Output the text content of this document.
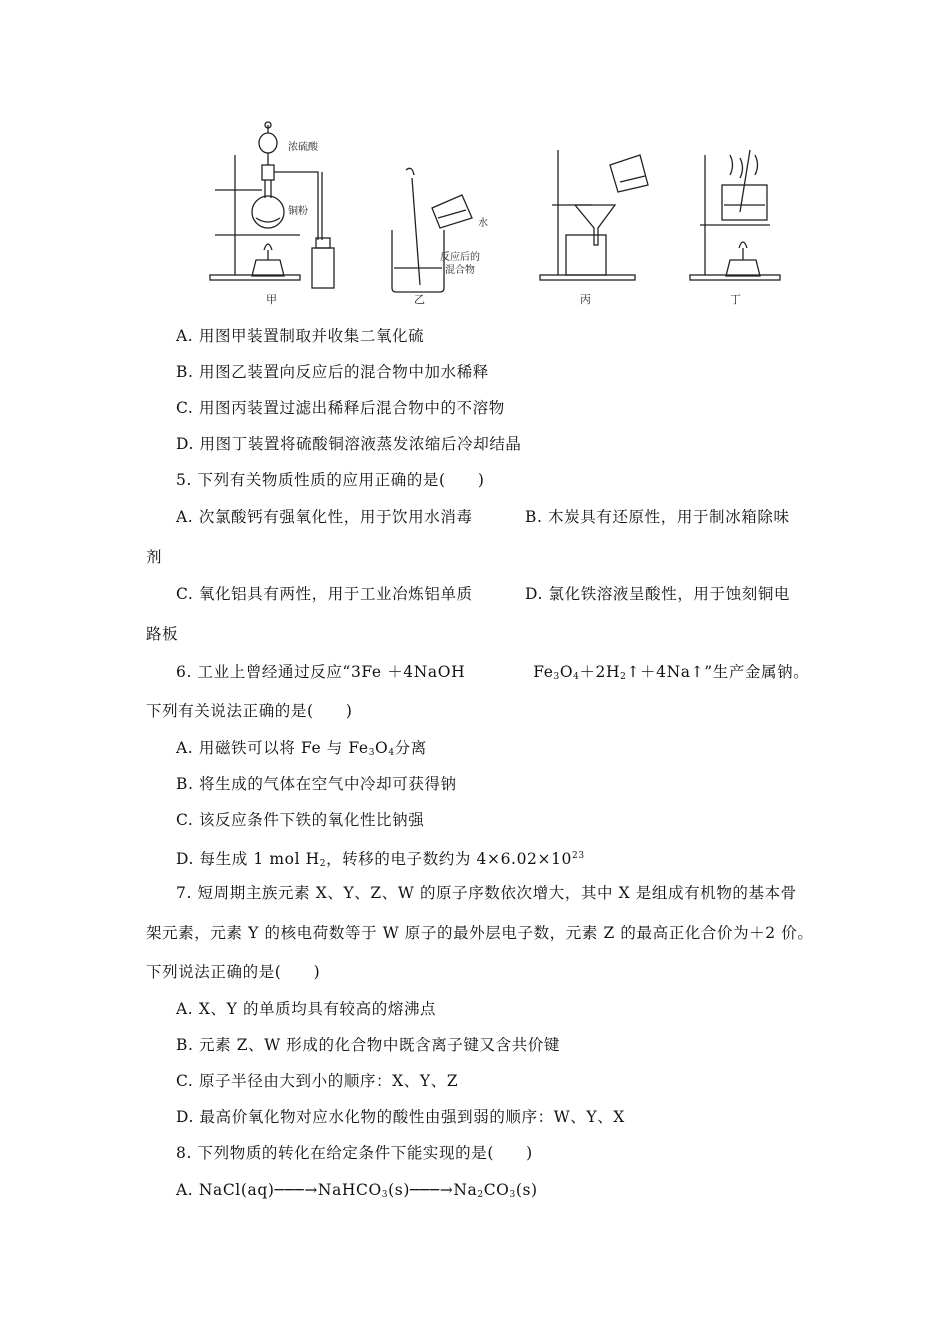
浓硫酸
铜粉
水
反应后的
混合物
甲	乙	丙	丁
A. 用图甲装置制取并收集二氧化硫
B. 用图乙装置向反应后的混合物中加水稀释
C. 用图丙装置过滤出稀释后混合物中的不溶物
D. 用图丁装置将硫酸铜溶液蒸发浓缩后冷却结晶
5. 下列有关物质性质的应用正确的是(　　)
A. 次氯酸钙有强氧化性，用于饮用水消毒	B. 木炭具有还原性，用于制冰箱除味
剂
C. 氧化铝具有两性，用于工业冶炼铝单质	D. 氯化铁溶液呈酸性，用于蚀刻铜电
路板
6. 工业上曾经通过反应“3Fe ＋4NaOH	$Fe_3O_4+2H_2↑+4Na↑$”生产金属钠。
下列有关说法正确的是(　　)
A. 用磁铁可以将 Fe 与 $Fe_3O_4$分离
B. 将生成的气体在空气中冷却可获得钠
C. 该反应条件下铁的氧化性比钠强
D. 每生成 1 mol $H_2$，转移的电子数约为 $4\times 6.02\times 10^{23}$
7. 短周期主族元素 X、Y、Z、W 的原子序数依次增大，其中 X 是组成有机物的基本骨
架元素，元素 Y 的核电荷数等于 W 原子的最外层电子数，元素 Z 的最高正化合价为＋2 价。
下列说法正确的是(　　)
A. X、Y 的单质均具有较高的熔沸点
B. 元素 Z、W 形成的化合物中既含离子键又含共价键
C. 原子半径由大到小的顺序：X、Y、Z
D. 最高价氧化物对应水化物的酸性由强到弱的顺序：W、Y、X
8. 下列物质的转化在给定条件下能实现的是(　　)
A. $NaCl(aq)───\to NaHCO_3(s)───\to Na_2CO_3(s)$
